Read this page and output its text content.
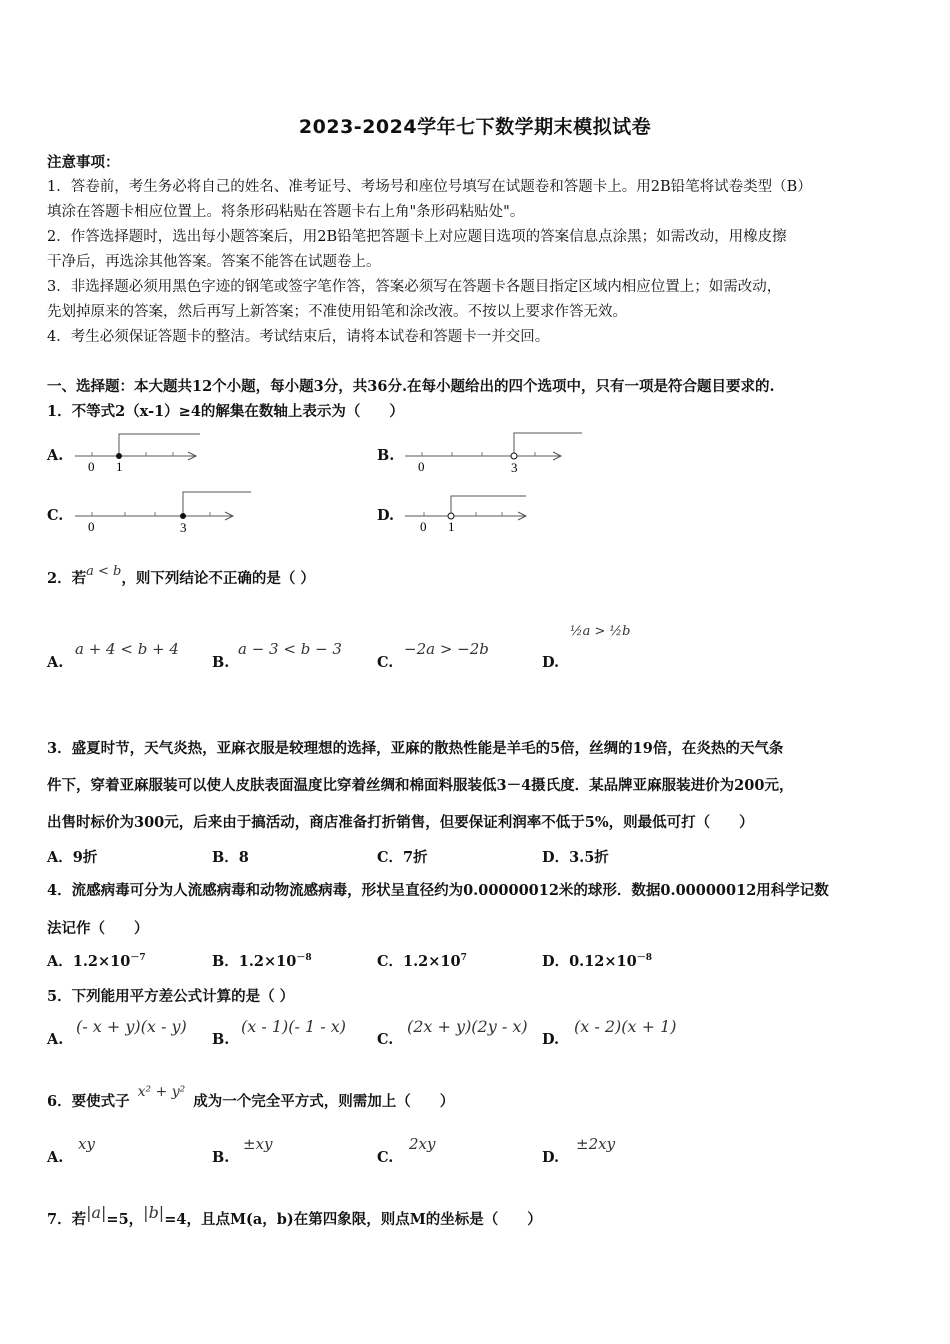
2023-2024学年七下数学期末模拟试卷
注意事项：
1．答卷前，考生务必将自己的姓名、准考证号、考场号和座位号填写在试题卷和答题卡上。用2B铅笔将试卷类型（B）
填涂在答题卡相应位置上。将条形码粘贴在答题卡右上角"条形码粘贴处"。
2．作答选择题时，选出每小题答案后，用2B铅笔把答题卡上对应题目选项的答案信息点涂黑；如需改动，用橡皮擦
干净后，再选涂其他答案。答案不能答在试题卷上。
3．非选择题必须用黑色字迹的钢笔或签字笔作答，答案必须写在答题卡各题目指定区域内相应位置上；如需改动，
先划掉原来的答案，然后再写上新答案；不准使用铅笔和涂改液。不按以上要求作答无效。
4．考生必须保证答题卡的整洁。考试结束后，请将本试卷和答题卡一并交回。
一、选择题：本大题共12个小题，每小题3分，共36分.在每小题给出的四个选项中，只有一项是符合题目要求的.
1．不等式2（x-1）≥4的解集在数轴上表示为（　　）
A.
0 1
B.
0	3
C.
0	3
D.
0 1
2．若a < b，则下列结论不正确的是（ ）
A.
a + 4 < b + 4
B.
a − 3 < b − 3
C.
−2a > −2b
D.
½a > ½b
3．盛夏时节，天气炎热，亚麻衣服是较理想的选择，亚麻的散热性能是羊毛的5倍，丝绸的19倍，在炎热的天气条
件下，穿着亚麻服装可以使人皮肤表面温度比穿着丝绸和棉面料服装低3－4摄氏度．某品牌亚麻服装进价为200元，
出售时标价为300元，后来由于搞活动，商店准备打折销售，但要保证利润率不低于5%，则最低可打（　　）
A．9折	B．8	C．7折	D．3.5折
4．流感病毒可分为人流感病毒和动物流感病毒，形状呈直径约为0.00000012米的球形．数据0.00000012用科学记数
法记作（　　）
A．$1.2\times 10^{-7}$	B．$1.2\times 10^{-8}$	C．$1.2\times 10^7$	D．$0.12\times 10^{-8}$
5．下列能用平方差公式计算的是（ ）
A.
(- x + y)(x - y)
B.
(x - 1)(- 1 - x)
C.
(2x + y)(2y - x)
D.
(x - 2)(x + 1)
6．要使式子x² + y²成为一个完全平方式，则需加上（　　）
A.
xy
B.
±xy
C.
2xy
D.
±2xy
7．若|a|=5，|b|=4，且点M(a，b)在第四象限，则点M的坐标是（　　）
